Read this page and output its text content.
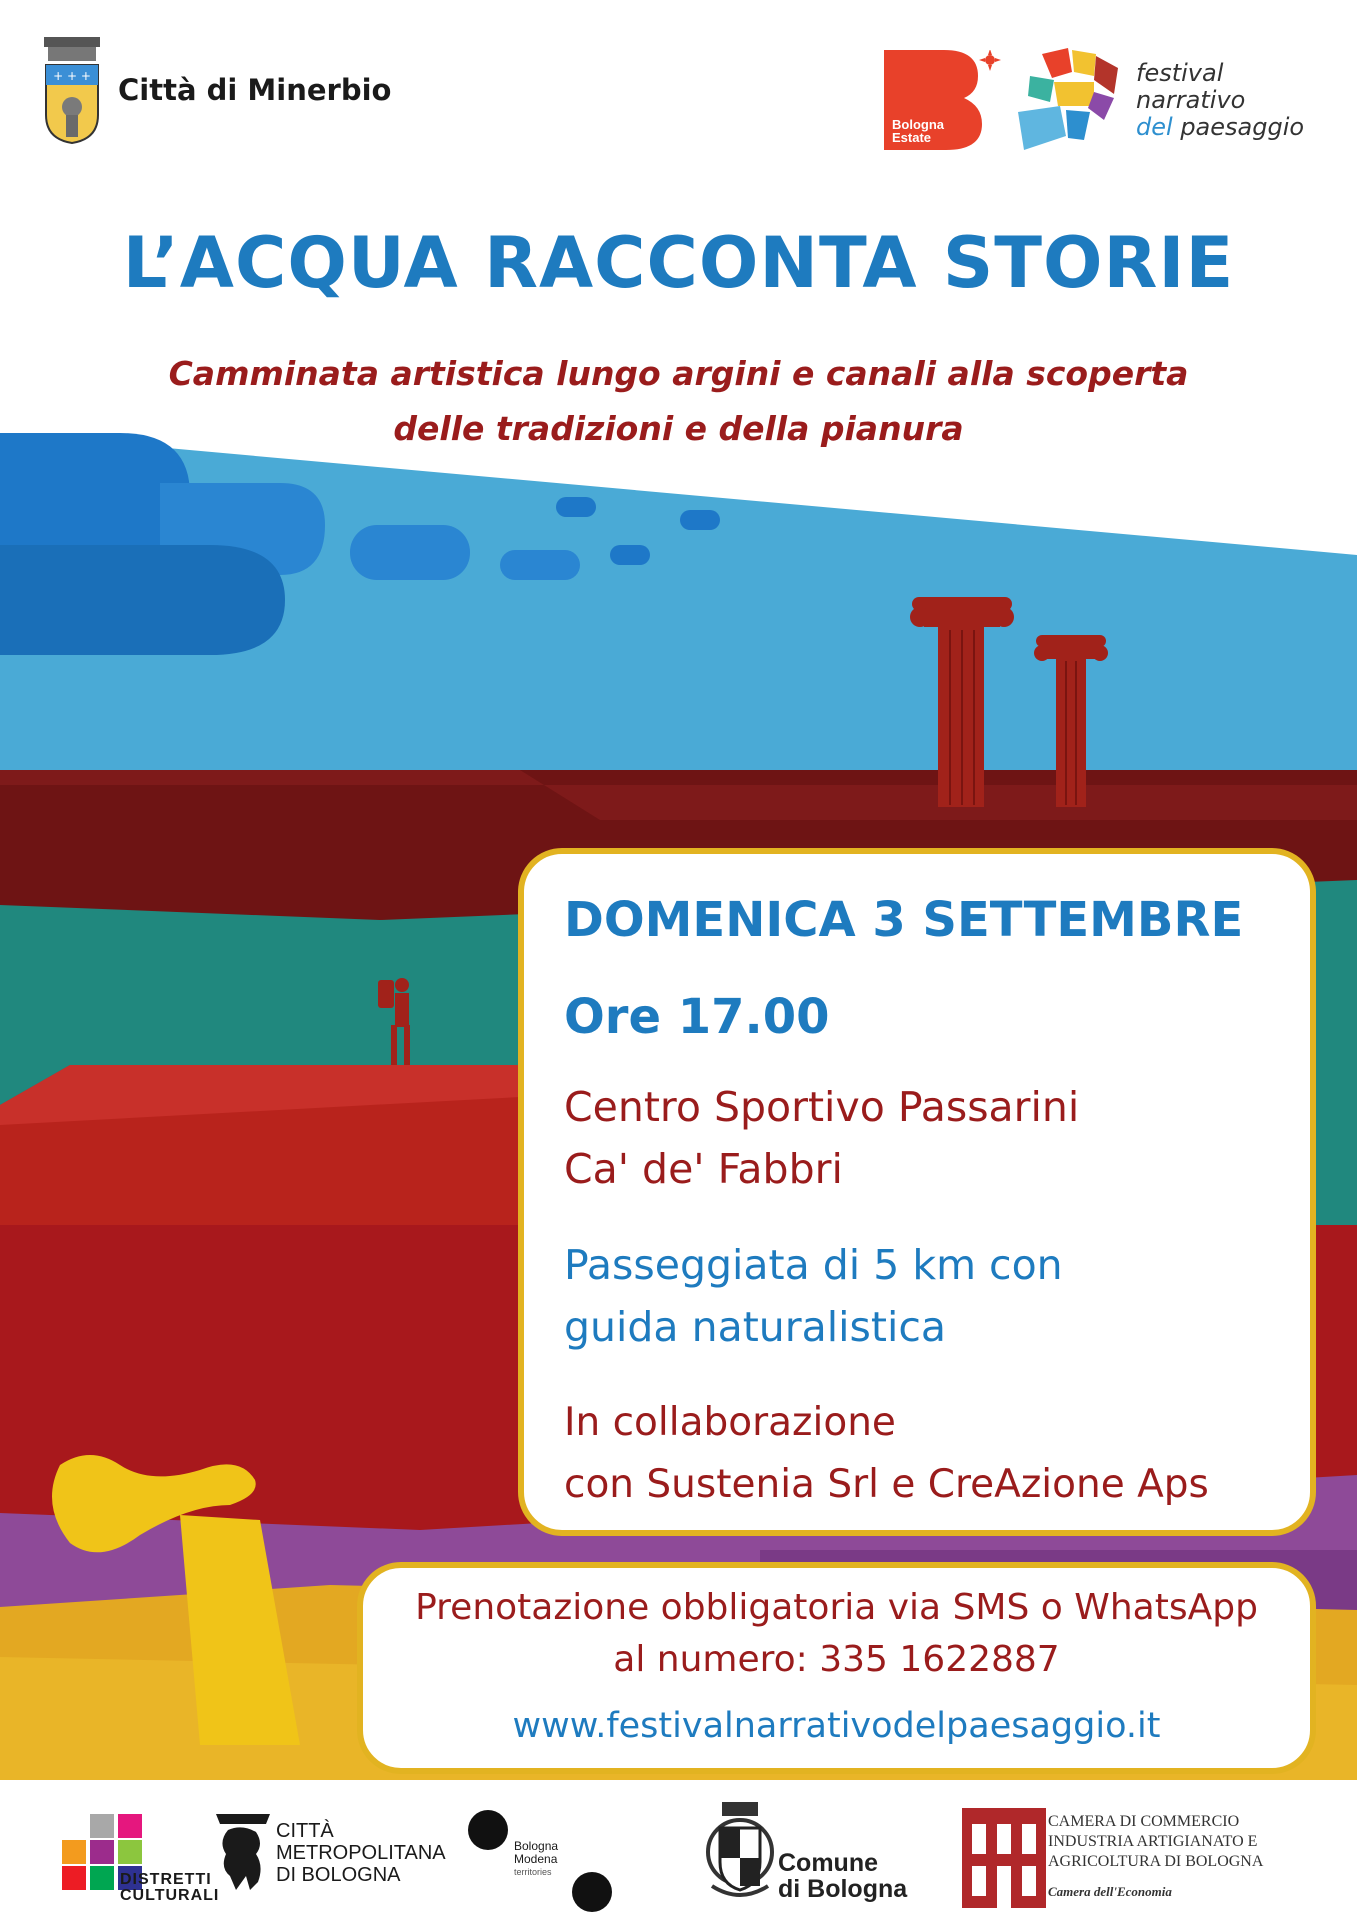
+ + + Città di Minerbio
Bologna Estate
festival
narrativo
del paesaggio
L’ACQUA RACCONTA STORIE
Camminata artistica lungo argini e canali alla scoperta
delle tradizioni e della pianura
DOMENICA 3 SETTEMBRE
Ore 17.00
Centro Sportivo Passarini
Ca' de' Fabbri
Passeggiata di 5 km con
guida naturalistica
In collaborazione
con Sustenia Srl e CreAzione Aps
Prenotazione obbligatoria via SMS o WhatsApp
al numero: 335 1622887
www.festivalnarrativodelpaesaggio.it
DISTRETTI
CULTURALI
CITTÀ
METROPOLITANA
DI BOLOGNA
Bologna
Modena
territories	Comune
di Bologna
CAMERA DI COMMERCIO
INDUSTRIA ARTIGIANATO E
AGRICOLTURA DI BOLOGNA
Camera dell'Economia
